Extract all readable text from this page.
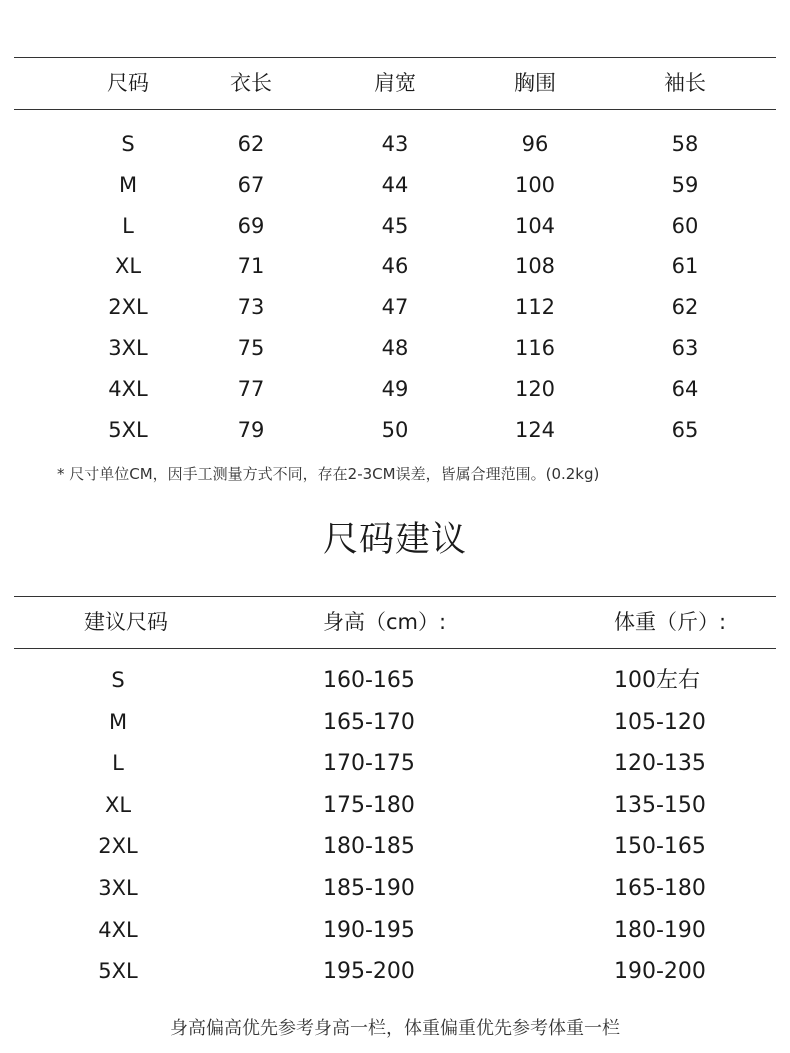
尺码	衣长	肩宽	胸围	袖长
S	62	43	96	58
M	67	44	100	59
L	69	45	104	60
XL	71	46	108	61
2XL	73	47	112	62
3XL	75	48	116	63
4XL	77	49	120	64
5XL	79	50	124	65
* 尺寸单位CM，因手工测量方式不同，存在2-3CM误差，皆属合理范围。(0.2kg)
尺码建议
建议尺码	身高（cm）:	体重（斤）:
S	160-165	100左右
M	165-170	105-120
L	170-175	120-135
XL	175-180	135-150
2XL	180-185	150-165
3XL	185-190	165-180
4XL	190-195	180-190
5XL	195-200	190-200
身高偏高优先参考身高一栏，体重偏重优先参考体重一栏
